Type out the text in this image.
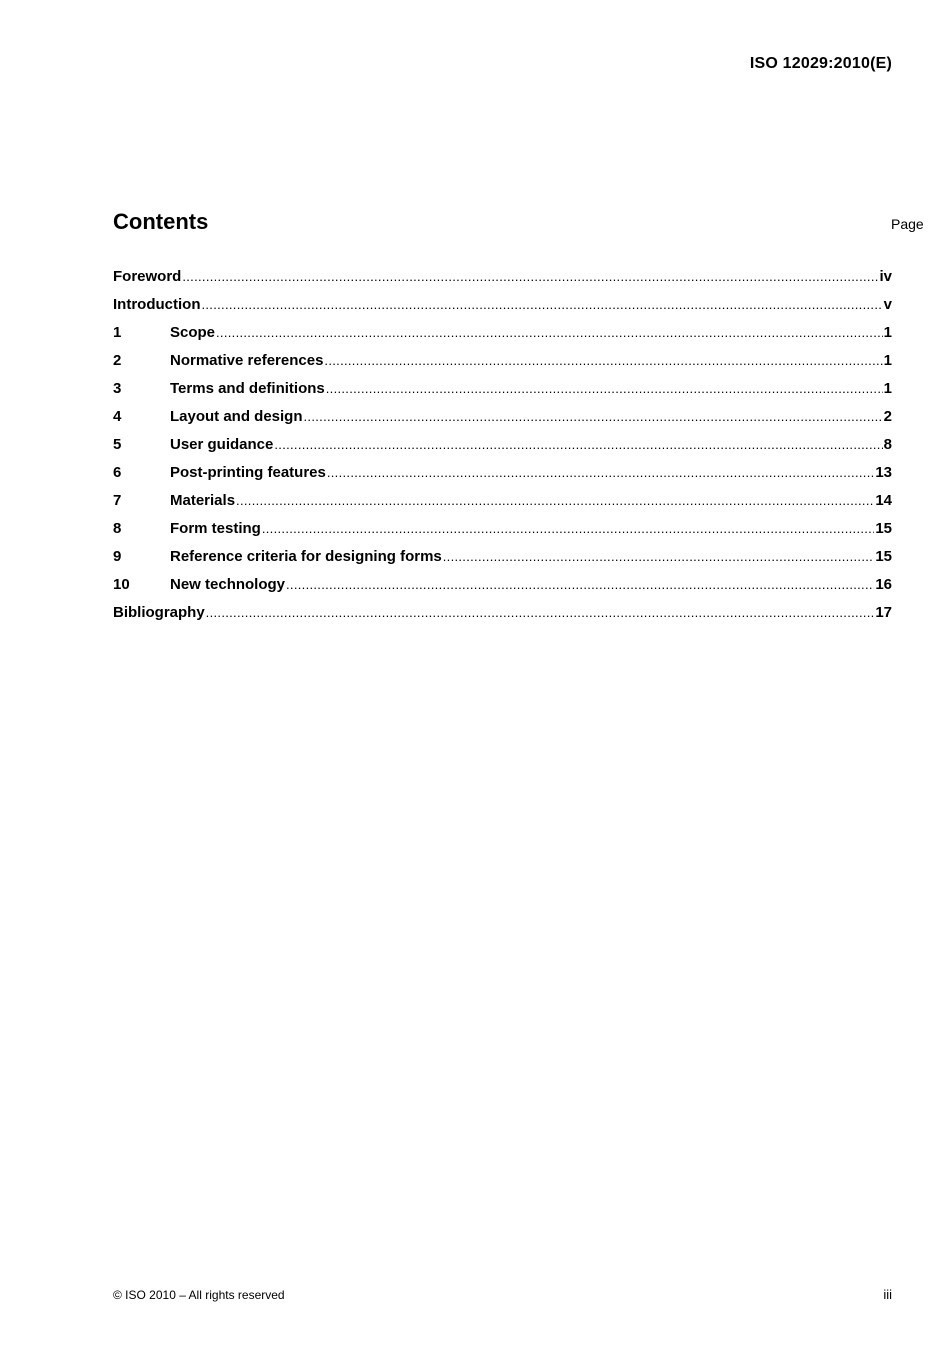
ISO 12029:2010(E)
Contents	Page
Foreword .....	iv
Introduction .....	v
1	Scope .....	1
2	Normative references .....	1
3	Terms and definitions .....	1
4	Layout and design .....	2
5	User guidance .....	8
6	Post-printing features .....	13
7	Materials .....	14
8	Form testing .....	15
9	Reference criteria for designing forms .....	15
10	New technology .....	16
Bibliography .....	17
© ISO 2010 – All rights reserved	iii
